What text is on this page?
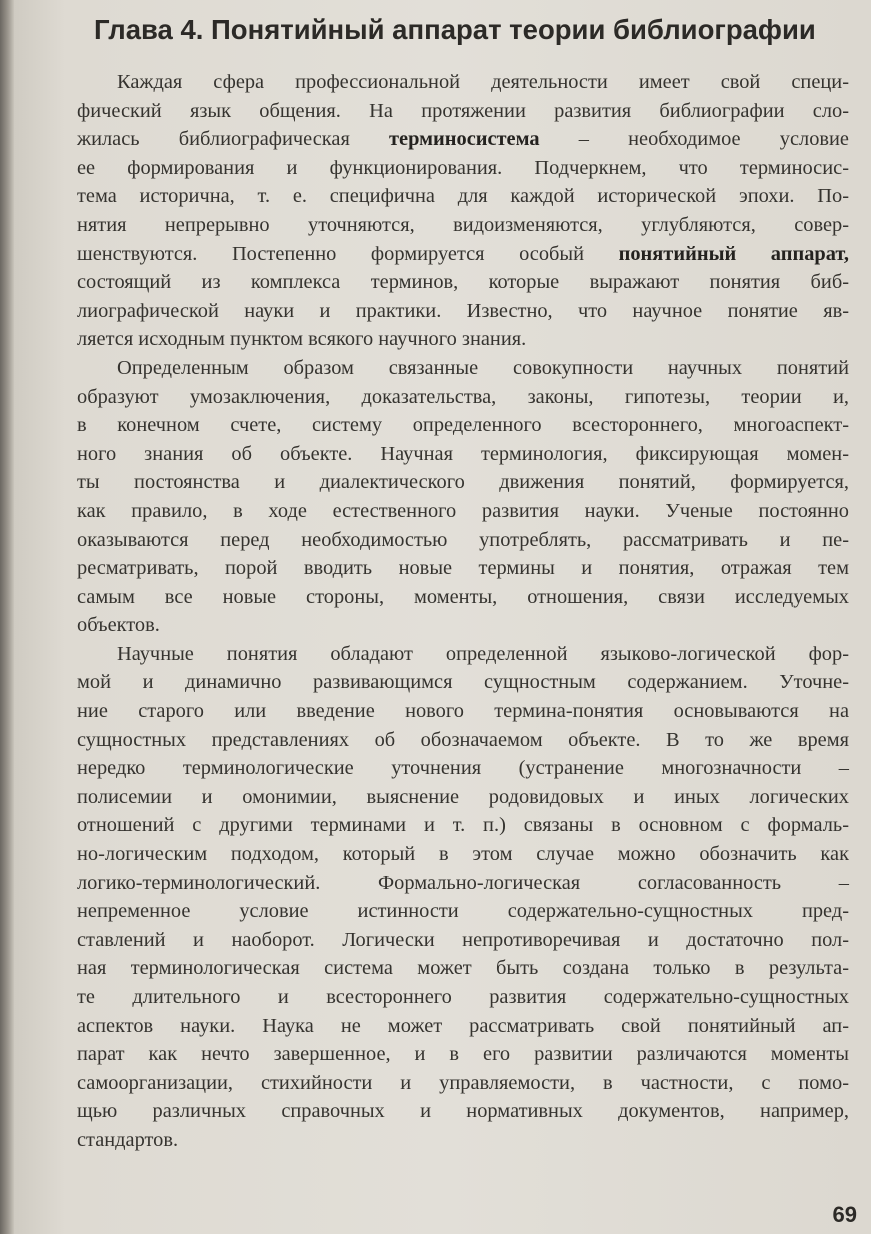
Глава 4. Понятийный аппарат теории библиографии
Каждая сфера профессиональной деятельности имеет свой специ-
фический язык общения. На протяжении развития библиографии сло-
жилась библиографическая терминосистема – необходимое условие
ее формирования и функционирования. Подчеркнем, что терминосис-
тема исторична, т. е. специфична для каждой исторической эпохи. По-
нятия непрерывно уточняются, видоизменяются, углубляются, совер-
шенствуются. Постепенно формируется особый понятийный аппарат,
состоящий из комплекса терминов, которые выражают понятия биб-
лиографической науки и практики. Известно, что научное понятие яв-
ляется исходным пунктом всякого научного знания.
Определенным образом связанные совокупности научных понятий
образуют умозаключения, доказательства, законы, гипотезы, теории и,
в конечном счете, систему определенного всестороннего, многоаспект-
ного знания об объекте. Научная терминология, фиксирующая момен-
ты постоянства и диалектического движения понятий, формируется,
как правило, в ходе естественного развития науки. Ученые постоянно
оказываются перед необходимостью употреблять, рассматривать и пе-
ресматривать, порой вводить новые термины и понятия, отражая тем
самым все новые стороны, моменты, отношения, связи исследуемых
объектов.
Научные понятия обладают определенной языково-логической фор-
мой и динамично развивающимся сущностным содержанием. Уточне-
ние старого или введение нового термина-понятия основываются на
сущностных представлениях об обозначаемом объекте. В то же время
нередко терминологические уточнения (устранение многозначности –
полисемии и омонимии, выяснение родовидовых и иных логических
отношений с другими терминами и т. п.) связаны в основном с формаль-
но-логическим подходом, который в этом случае можно обозначить как
логико-терминологический. Формально-логическая согласованность –
непременное условие истинности содержательно-сущностных пред-
ставлений и наоборот. Логически непротиворечивая и достаточно пол-
ная терминологическая система может быть создана только в результа-
те длительного и всестороннего развития содержательно-сущностных
аспектов науки. Наука не может рассматривать свой понятийный ап-
парат как нечто завершенное, и в его развитии различаются моменты
самоорганизации, стихийности и управляемости, в частности, с помо-
щью различных справочных и нормативных документов, например,
стандартов.
69
